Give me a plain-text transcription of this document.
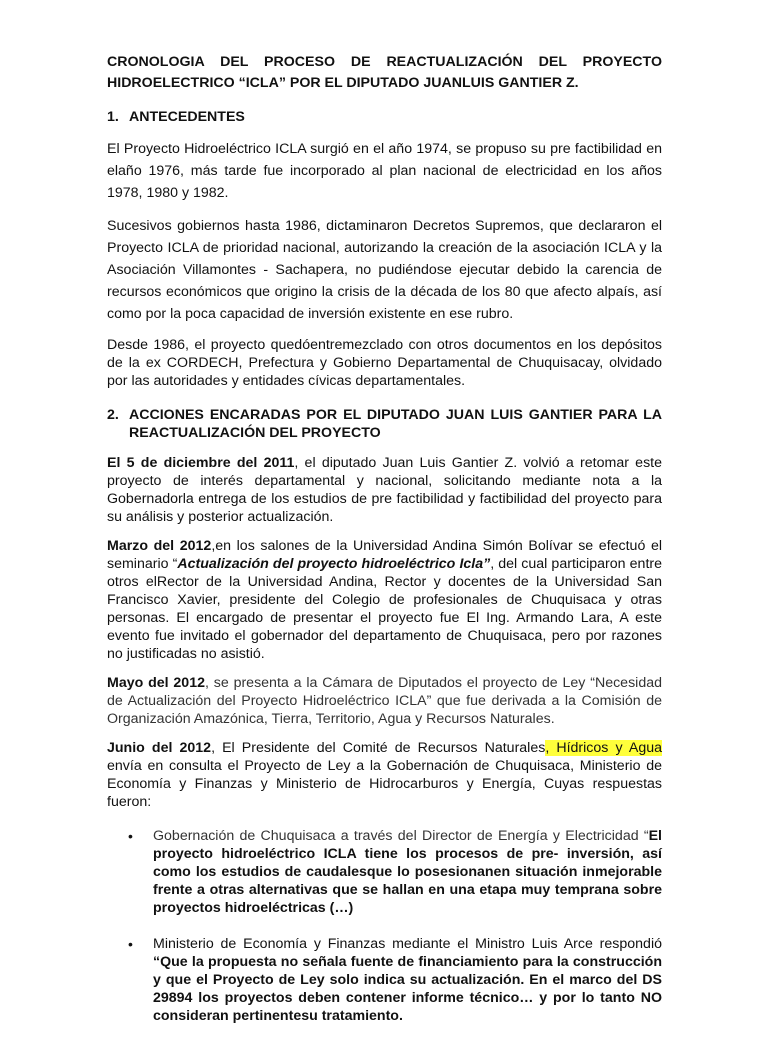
CRONOLOGIA DEL PROCESO DE REACTUALIZACIÓN DEL PROYECTO HIDROELECTRICO “ICLA” POR EL DIPUTADO JUANLUIS GANTIER Z.
1. ANTECEDENTES

El Proyecto Hidroeléctrico ICLA surgió en el año 1974, se propuso su pre factibilidad en elaño 1976, más tarde fue incorporado al plan nacional de electricidad en los años 1978, 1980 y 1982.

Sucesivos gobiernos hasta 1986, dictaminaron Decretos Supremos, que declararon el Proyecto ICLA de prioridad nacional, autorizando la creación de la asociación ICLA y la Asociación Villamontes - Sachapera, no pudiéndose ejecutar debido la carencia de recursos económicos que origino la crisis de la década de los 80 que afecto alpaís, así como por la poca capacidad de inversión existente en ese rubro.

Desde 1986, el proyecto quedóentremezclado con otros documentos en los depósitos de la ex CORDECH, Prefectura y Gobierno Departamental de Chuquisacay, olvidado por las autoridades y entidades cívicas departamentales.

2. ACCIONES ENCARADAS POR EL DIPUTADO JUAN LUIS GANTIER PARA LA REACTUALIZACIÓN DEL PROYECTO

El 5 de diciembre del 2011, el diputado Juan Luis Gantier Z. volvió a retomar este proyecto de interés departamental y nacional, solicitando mediante nota a la Gobernadorla entrega de los estudios de pre factibilidad y factibilidad del proyecto para su análisis y posterior actualización.

Marzo del 2012,en los salones de la Universidad Andina Simón Bolívar se efectuó el seminario “Actualización del proyecto hidroeléctrico Icla”, del cual participaron entre otros elRector de la Universidad Andina, Rector y docentes de la Universidad San Francisco Xavier, presidente del Colegio de profesionales de Chuquisaca y otras personas. El encargado de presentar el proyecto fue El Ing. Armando Lara, A este evento fue invitado el gobernador del departamento de Chuquisaca, pero por razones no justificadas no asistió.

Mayo del 2012, se presenta a la Cámara de Diputados el proyecto de Ley “Necesidad de Actualización del Proyecto Hidroeléctrico ICLA” que fue derivada a la Comisión de Organización Amazónica, Tierra, Territorio, Agua y Recursos Naturales.

Junio del 2012, El Presidente del Comité de Recursos Naturales, Hídricos y Agua envía en consulta el Proyecto de Ley a la Gobernación de Chuquisaca, Ministerio de Economía y Finanzas y Ministerio de Hidrocarburos y Energía, Cuyas respuestas fueron:

• Gobernación de Chuquisaca a través del Director de Energía y Electricidad “El proyecto hidroeléctrico ICLA tiene los procesos de pre- inversión, así como los estudios de caudalesque lo posesionanen situación inmejorable frente a otras alternativas que se hallan en una etapa muy temprana sobre proyectos hidroeléctricas (…)
• Ministerio de Economía y Finanzas mediante el Ministro Luis Arce respondió “Que la propuesta no señala fuente de financiamiento para la construcción y que el Proyecto de Ley solo indica su actualización. En el marco del DS 29894 los proyectos deben contener informe técnico… y por lo tanto NO consideran pertinentesu tratamiento.
